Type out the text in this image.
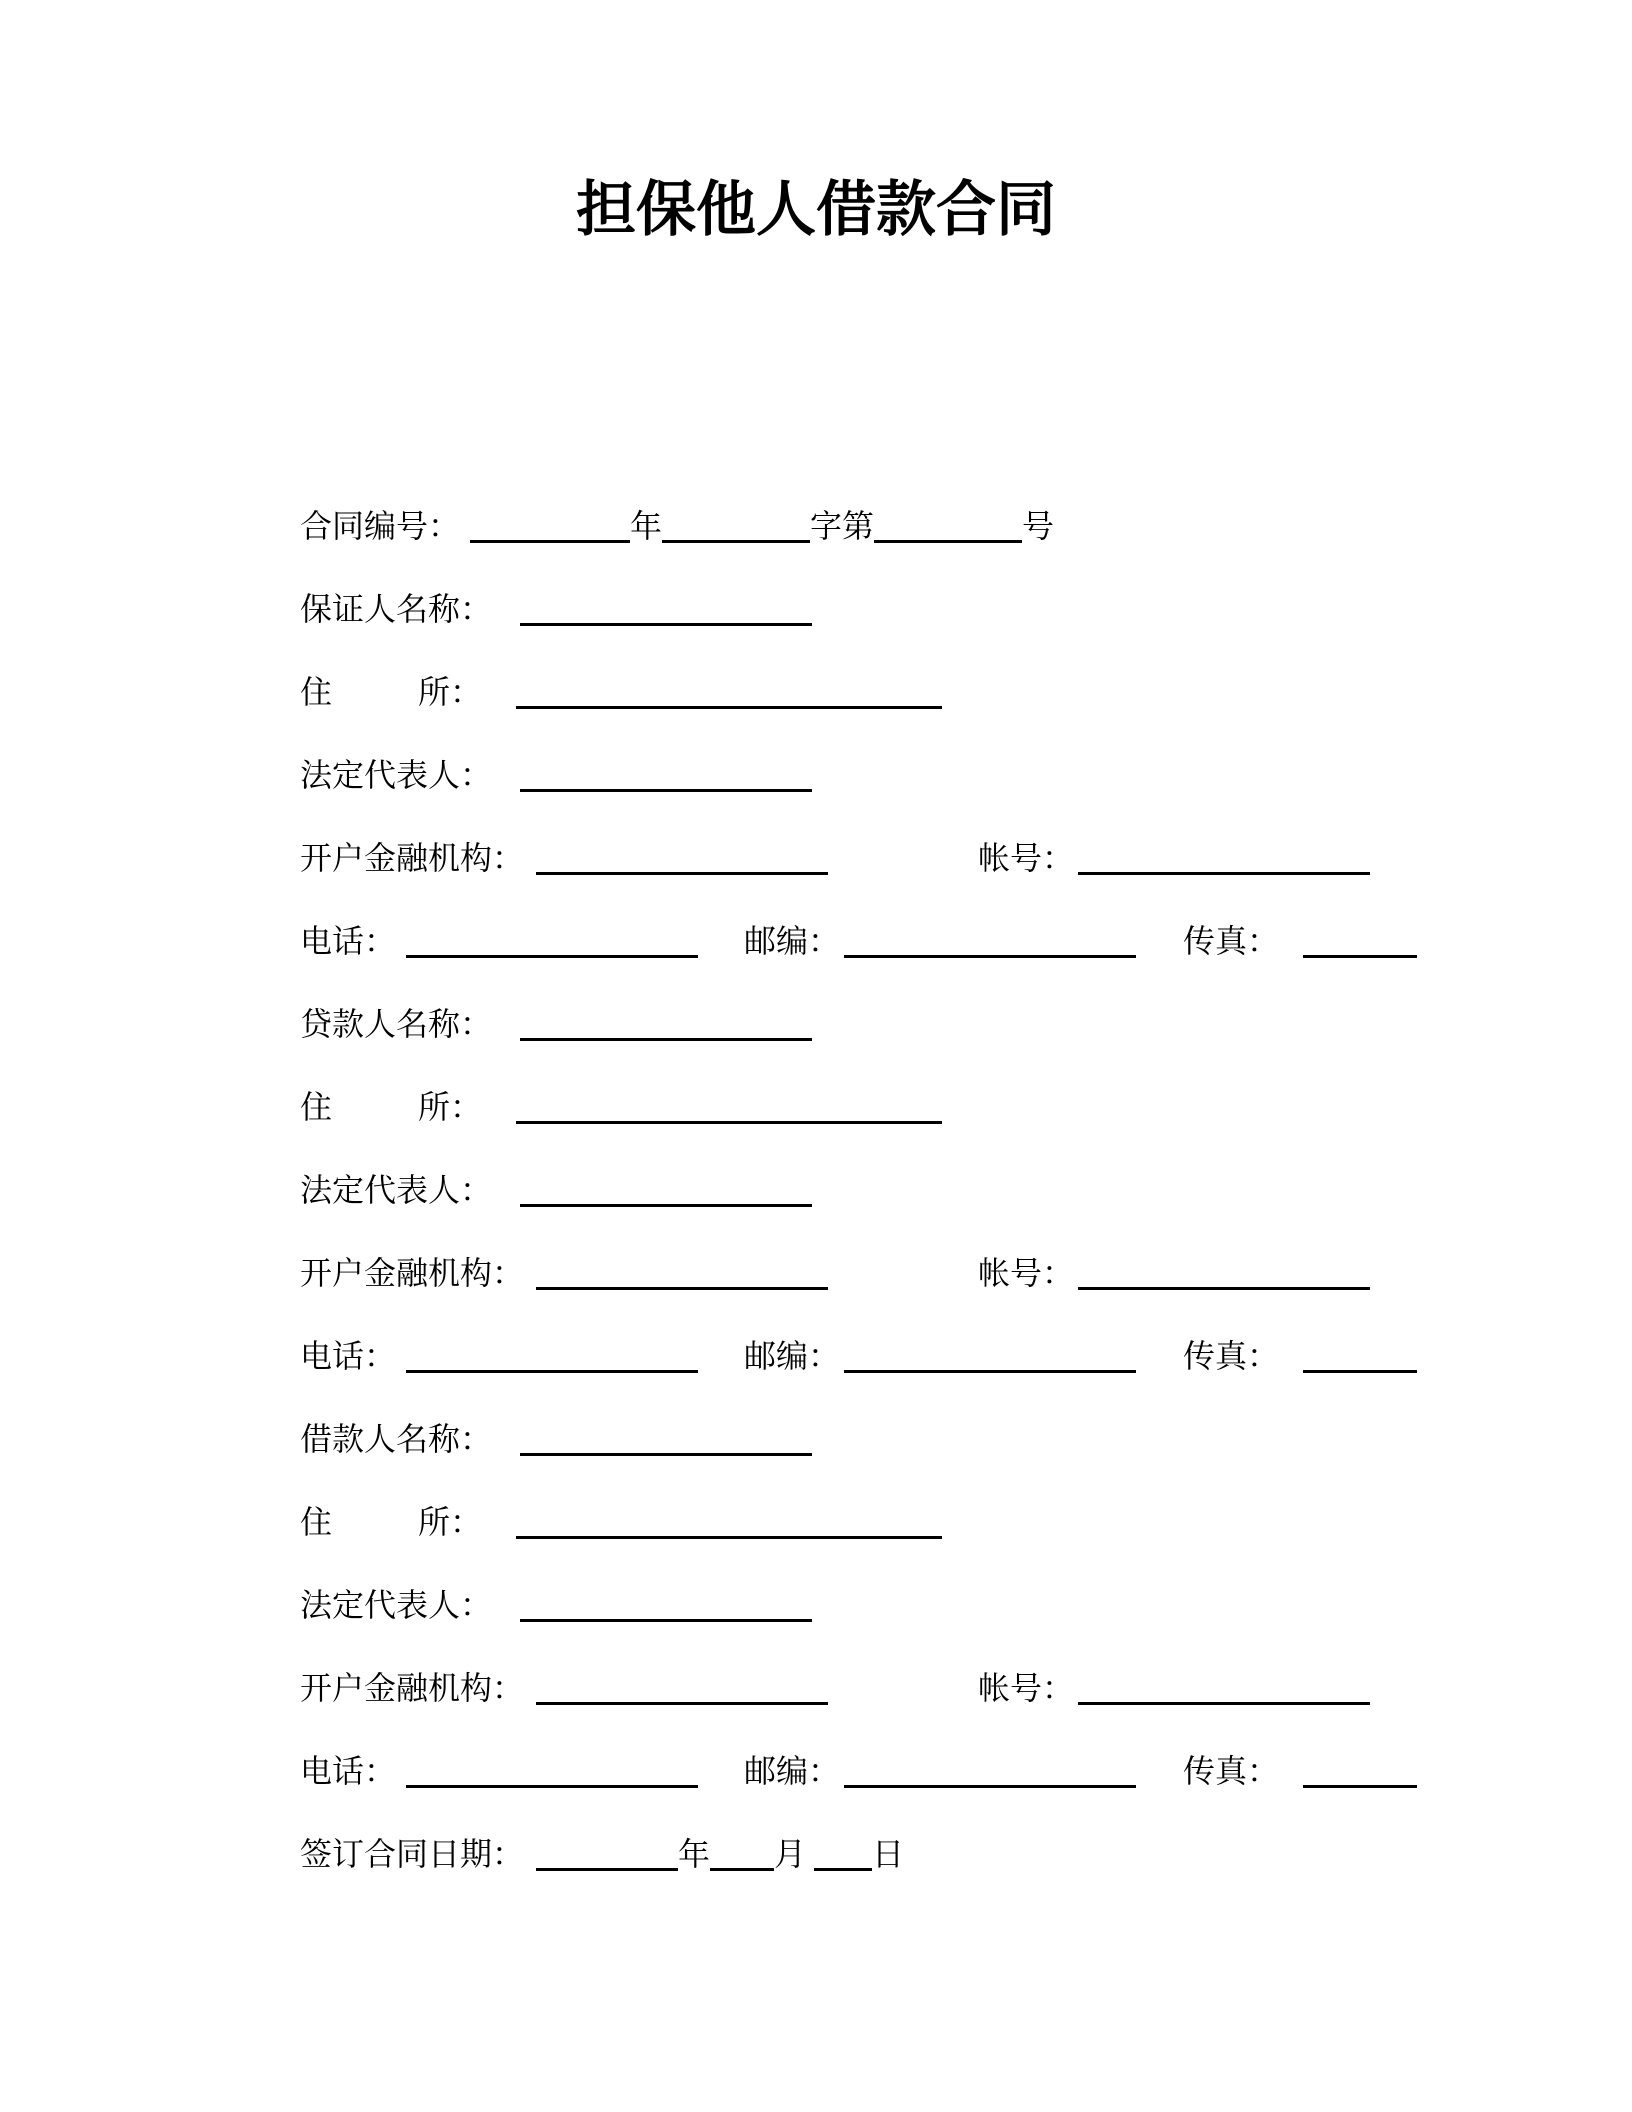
担保他人借款合同
合同编号：	年	字第	号
保证人名称：
住	所：
法定代表人：
开户金融机构：	帐号：
电话：	邮编：	传真：
贷款人名称：
住	所：
法定代表人：
开户金融机构：	帐号：
电话：	邮编：	传真：
借款人名称：
住	所：
法定代表人：
开户金融机构：	帐号：
电话：	邮编：	传真：
签订合同日期：	年 月 日
